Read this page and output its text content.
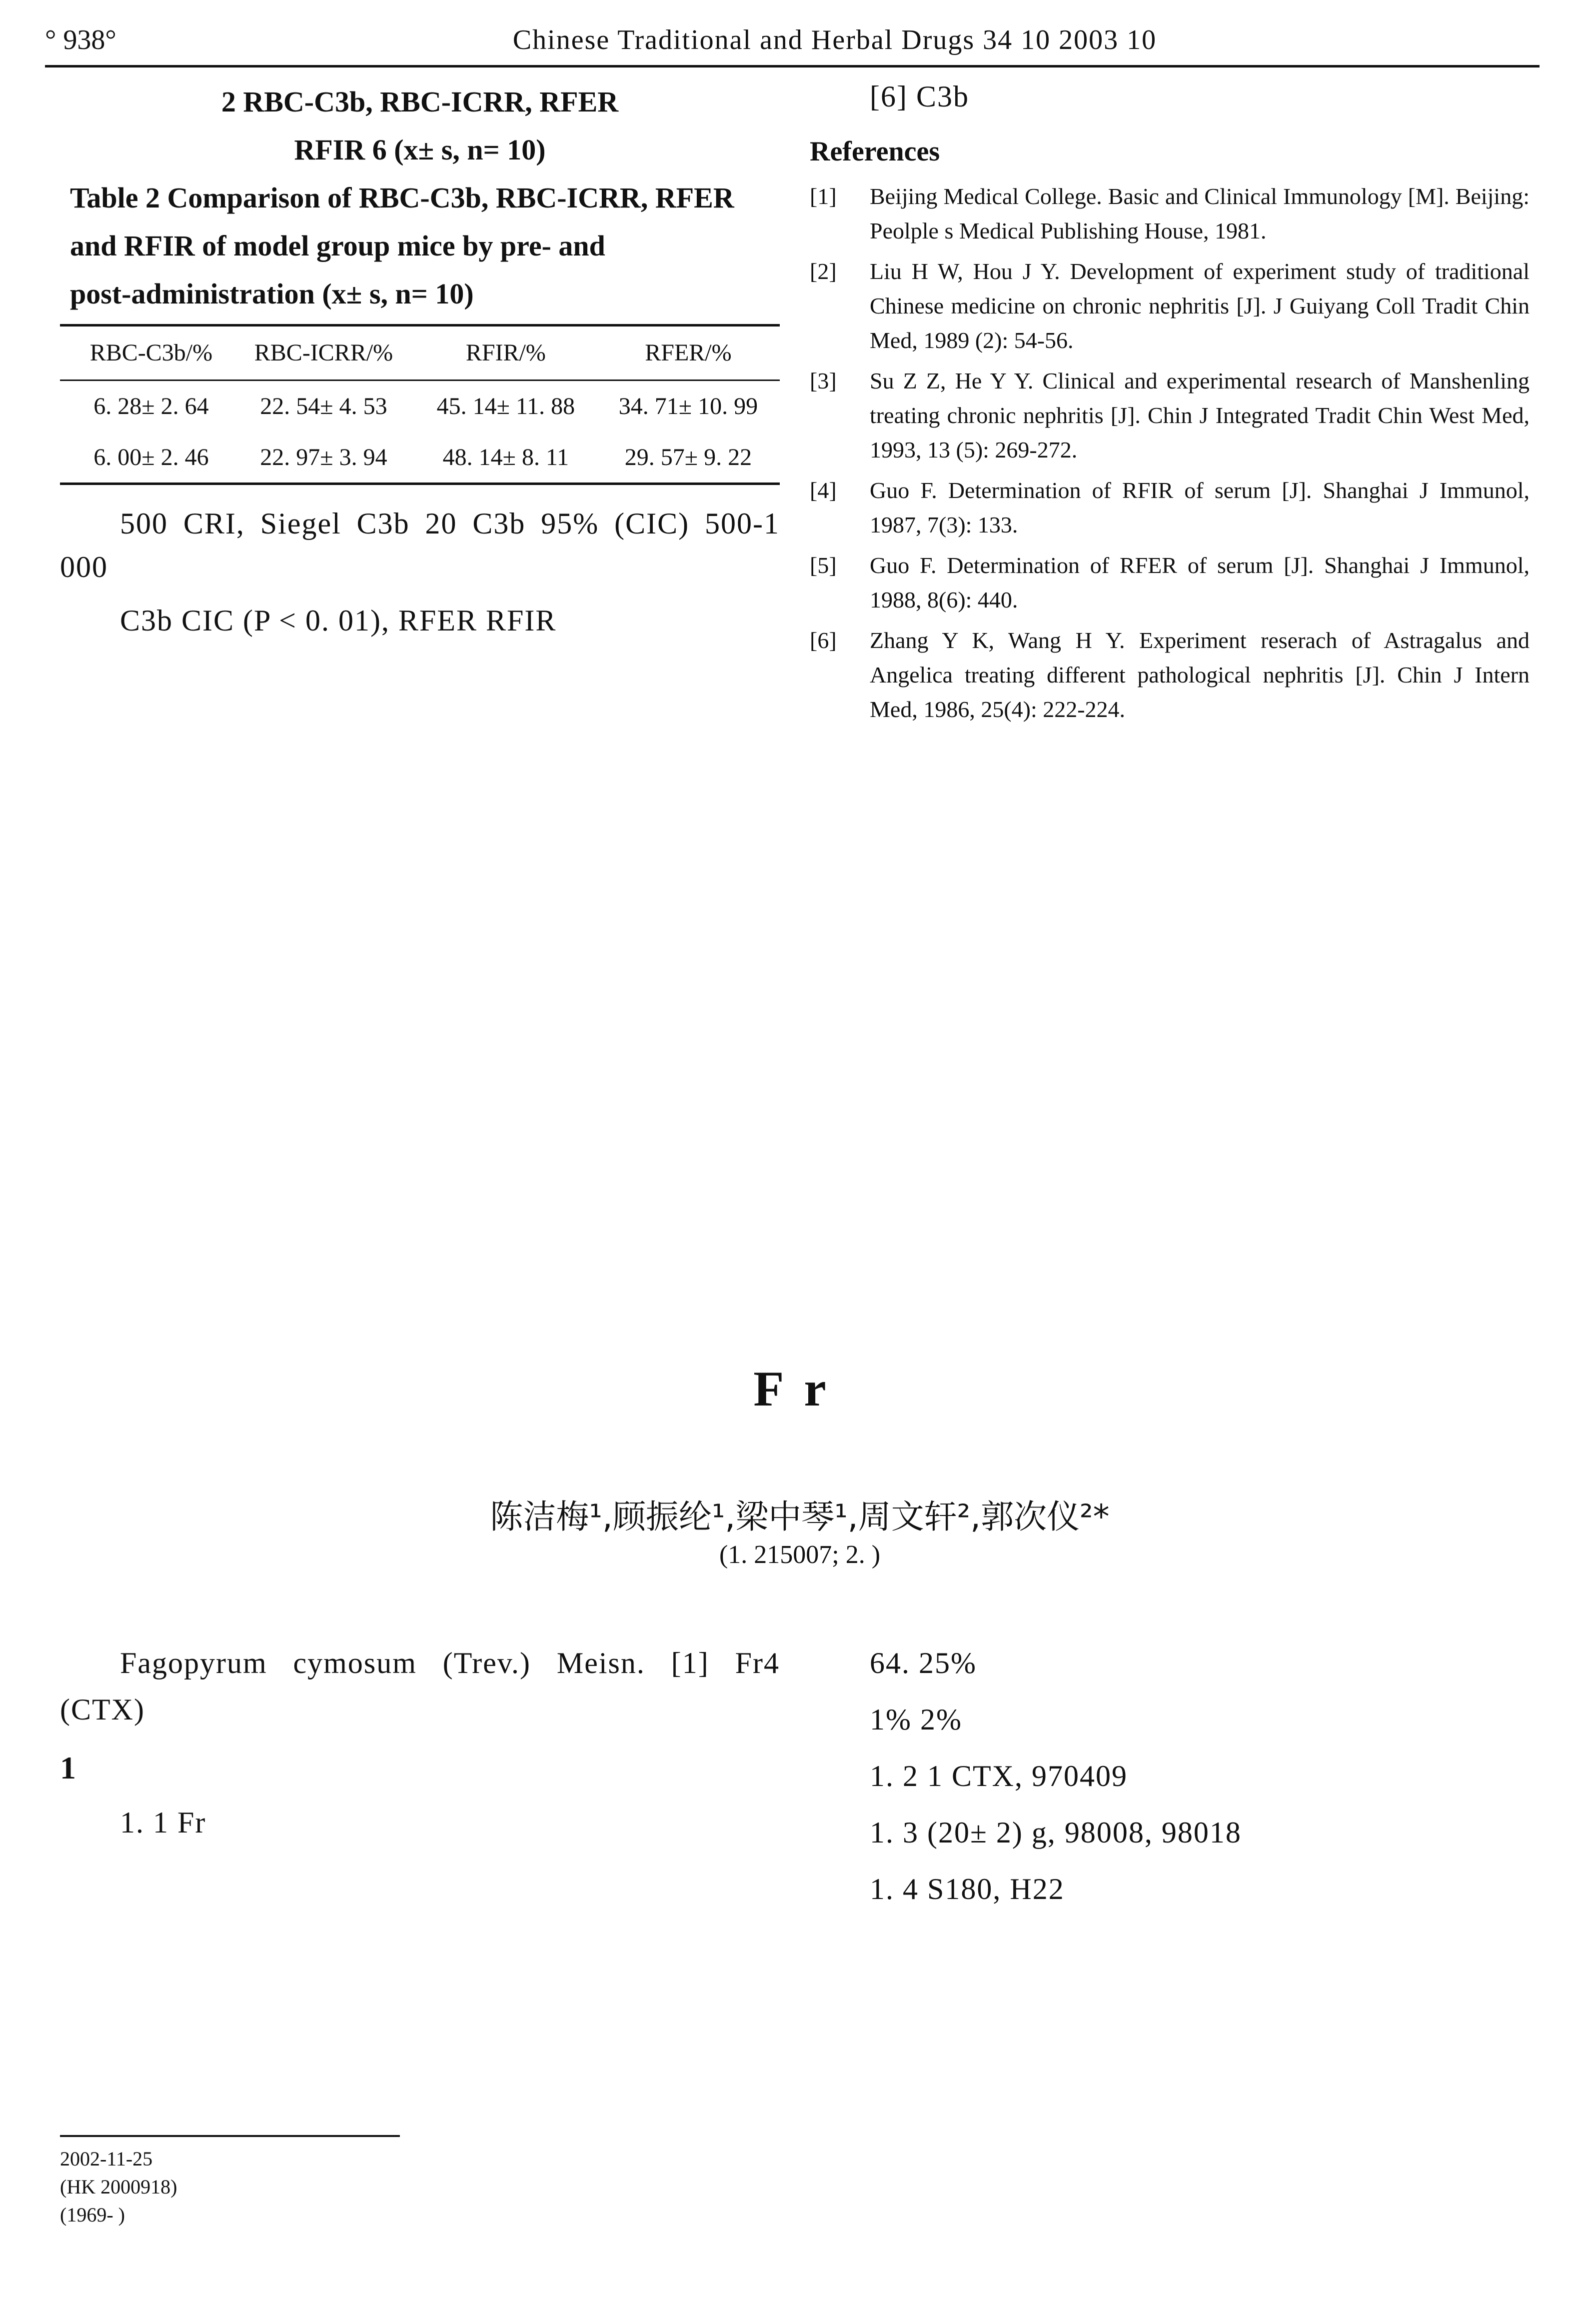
° 938°	Chinese Traditional and Herbal Drugs 34 10 2003 10
2 RBC-C3b, RBC-ICRR, RFER
RFIR 6 (x± s, n= 10)
Table 2 Comparison of RBC-C3b, RBC-ICRR, RFER
and RFIR of model group mice by pre- and
post-administration (x± s, n= 10)
	RBC-C3b/%	RBC-ICRR/%	RFIR/%	RFER/%
	6. 28± 2. 64	22. 54± 4. 53	45. 14± 11. 88	34. 71± 10. 99
	6. 00± 2. 46	22. 97± 3. 94	48. 14± 8. 11	29. 57± 9. 22

500 CRI, Siegel C3b 20 C3b 95% (CIC) 500-1 000

C3b CIC (P < 0. 01), RFER RFIR

[6] C3b

References
[1]	Beijing Medical College. Basic and Clinical Immunology [M]. Beijing: Peolple s Medical Publishing House, 1981.
[2]	Liu H W, Hou J Y. Development of experiment study of traditional Chinese medicine on chronic nephritis [J]. J Guiyang Coll Tradit Chin Med, 1989 (2): 54-56.
[3]	Su Z Z, He Y Y. Clinical and experimental research of Manshenling treating chronic nephritis [J]. Chin J Integrated Tradit Chin West Med, 1993, 13 (5): 269-272.
[4]	Guo F. Determination of RFIR of serum [J]. Shanghai J Immunol, 1987, 7(3): 133.
[5]	Guo F. Determination of RFER of serum [J]. Shanghai J Immunol, 1988, 8(6): 440.
[6]	Zhang Y K, Wang H Y. Experiment reserach of Astragalus and Angelica treating different pathological nephritis [J]. Chin J Intern Med, 1986, 25(4): 222-224.
Fr
陈洁梅¹,顾振纶¹,梁中琴¹,周文轩²,郭次仪²*
(1. 215007; 2. )

Fagopyrum cymosum (Trev.) Meisn. [1] Fr4 (CTX)

1

1. 1 Fr

64. 25%

1% 2%

1. 2 1 CTX, 970409

1. 3 (20± 2) g, 98008, 98018

1. 4 S180, H22

2002-11-25
(HK 2000918)
(1969- )
